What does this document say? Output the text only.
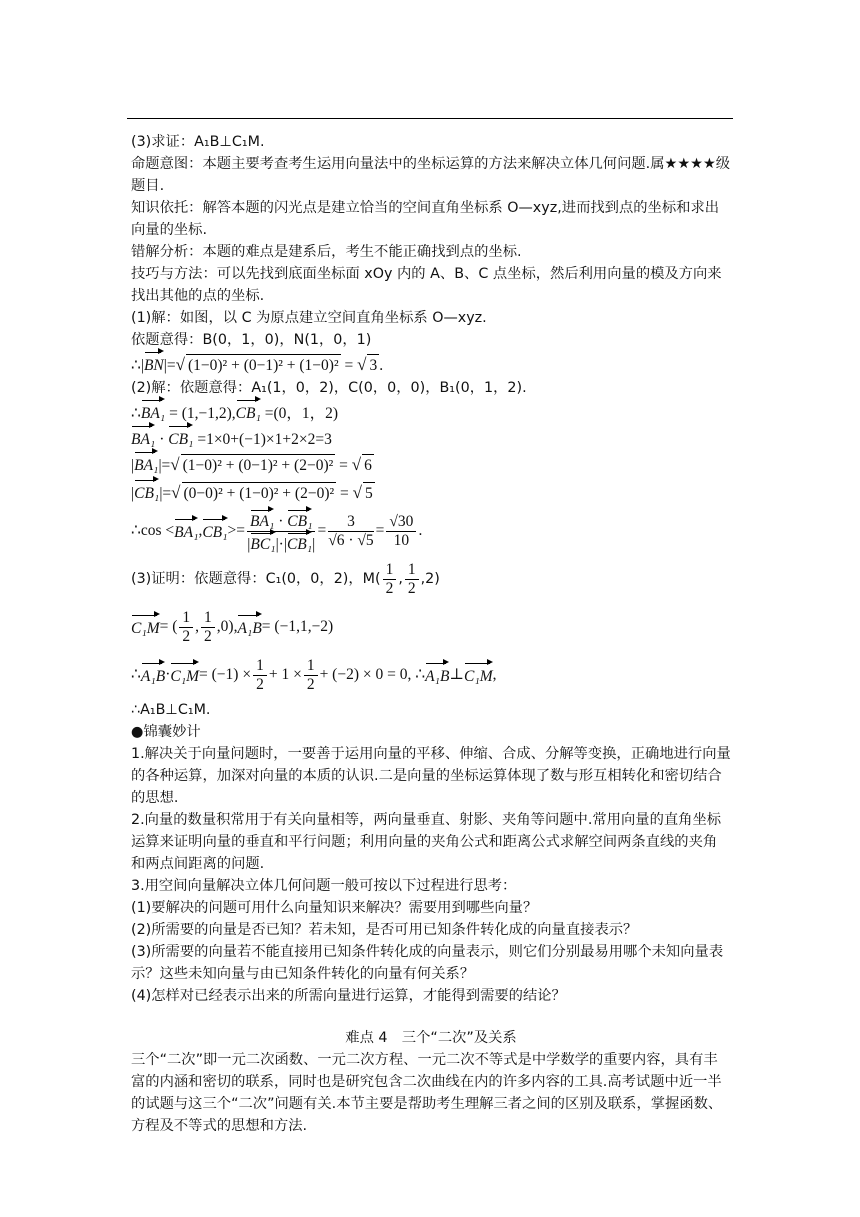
(3)求证：A₁B⊥C₁M.
命题意图：本题主要考查考生运用向量法中的坐标运算的方法来解决立体几何问题.属★★★★级题目.
知识依托：解答本题的闪光点是建立恰当的空间直角坐标系 O—xyz,进而找到点的坐标和求出向量的坐标.
错解分析：本题的难点是建系后，考生不能正确找到点的坐标.
技巧与方法：可以先找到底面坐标面 xOy 内的 A、B、C 点坐标，然后利用向量的模及方向来找出其他的点的坐标.
(1)解：如图，以 C 为原点建立空间直角坐标系 O—xyz.
依题意得：B(0，1，0)，N(1，0，1)
∴|BN|=√ (1−0)² + (0−1)² + (1−0)² = √ 3 .
(2)解：依题意得：A₁(1，0，2)，C(0，0，0)，B₁(0，1，2).
∴BA₁ = (1,−1,2),CB₁ =(0，1，2)
BA₁ · CB₁ =1×0+(−1)×1+2×2=3
|BA₁|=√ (1−0)² + (0−1)² + (2−0)² = √ 6
|CB₁|=√ (0−0)² + (1−0)² + (2−0)² = √ 5
∴cos < BA₁ , $CB_1 >= \frac{\text{BA₁ · CB₁}}{\text{|BC₁|·|CB₁|}} = \frac{3}{√6 \cdot √5} = \frac{√30}{10}$ .
(3)证明：依题意得：C₁(0，0，2)，$M( \frac{1}{2}$ , $\frac{1}{2} ,2$)
C₁M = ( $\frac{1}{2}$ , $\frac{1}{2} ,0$), A₁B = (−1,1,−2)
∴ $A_1B \cdot C_1M = (-1) \times \frac{1}{2} + 1 \times \frac{1}{2} + (-2) \times 0 = 0$, ∴ A₁B ⊥ C₁M ,
∴A₁B⊥C₁M.
●锦囊妙计
1.解决关于向量问题时，一要善于运用向量的平移、伸缩、合成、分解等变换，正确地进行向量的各种运算，加深对向量的本质的认识.二是向量的坐标运算体现了数与形互相转化和密切结合的思想.
2.向量的数量积常用于有关向量相等，两向量垂直、射影、夹角等问题中.常用向量的直角坐标运算来证明向量的垂直和平行问题；利用向量的夹角公式和距离公式求解空间两条直线的夹角和两点间距离的问题.
3.用空间向量解决立体几何问题一般可按以下过程进行思考：
(1)要解决的问题可用什么向量知识来解决？需要用到哪些向量？
(2)所需要的向量是否已知？若未知，是否可用已知条件转化成的向量直接表示？
(3)所需要的向量若不能直接用已知条件转化成的向量表示，则它们分别最易用哪个未知向量表示？这些未知向量与由已知条件转化的向量有何关系？
(4)怎样对已经表示出来的所需向量进行运算，才能得到需要的结论？
难点 4　三个“二次”及关系
三个“二次”即一元二次函数、一元二次方程、一元二次不等式是中学数学的重要内容，具有丰富的内涵和密切的联系，同时也是研究包含二次曲线在内的许多内容的工具.高考试题中近一半的试题与这三个“二次”问题有关.本节主要是帮助考生理解三者之间的区别及联系，掌握函数、方程及不等式的思想和方法.
